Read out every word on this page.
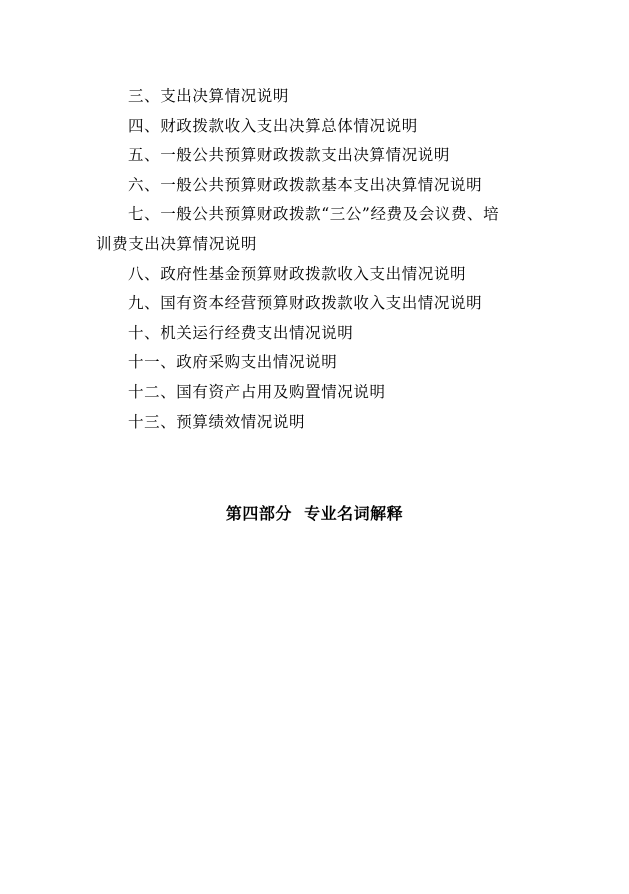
三、支出决算情况说明
四、财政拨款收入支出决算总体情况说明
五、一般公共预算财政拨款支出决算情况说明
六、一般公共预算财政拨款基本支出决算情况说明
七、一般公共预算财政拨款“三公”经费及会议费、培
训费支出决算情况说明
八、政府性基金预算财政拨款收入支出情况说明
九、国有资本经营预算财政拨款收入支出情况说明
十、机关运行经费支出情况说明
十一、政府采购支出情况说明
十二、国有资产占用及购置情况说明
十三、预算绩效情况说明
第四部分  专业名词解释
